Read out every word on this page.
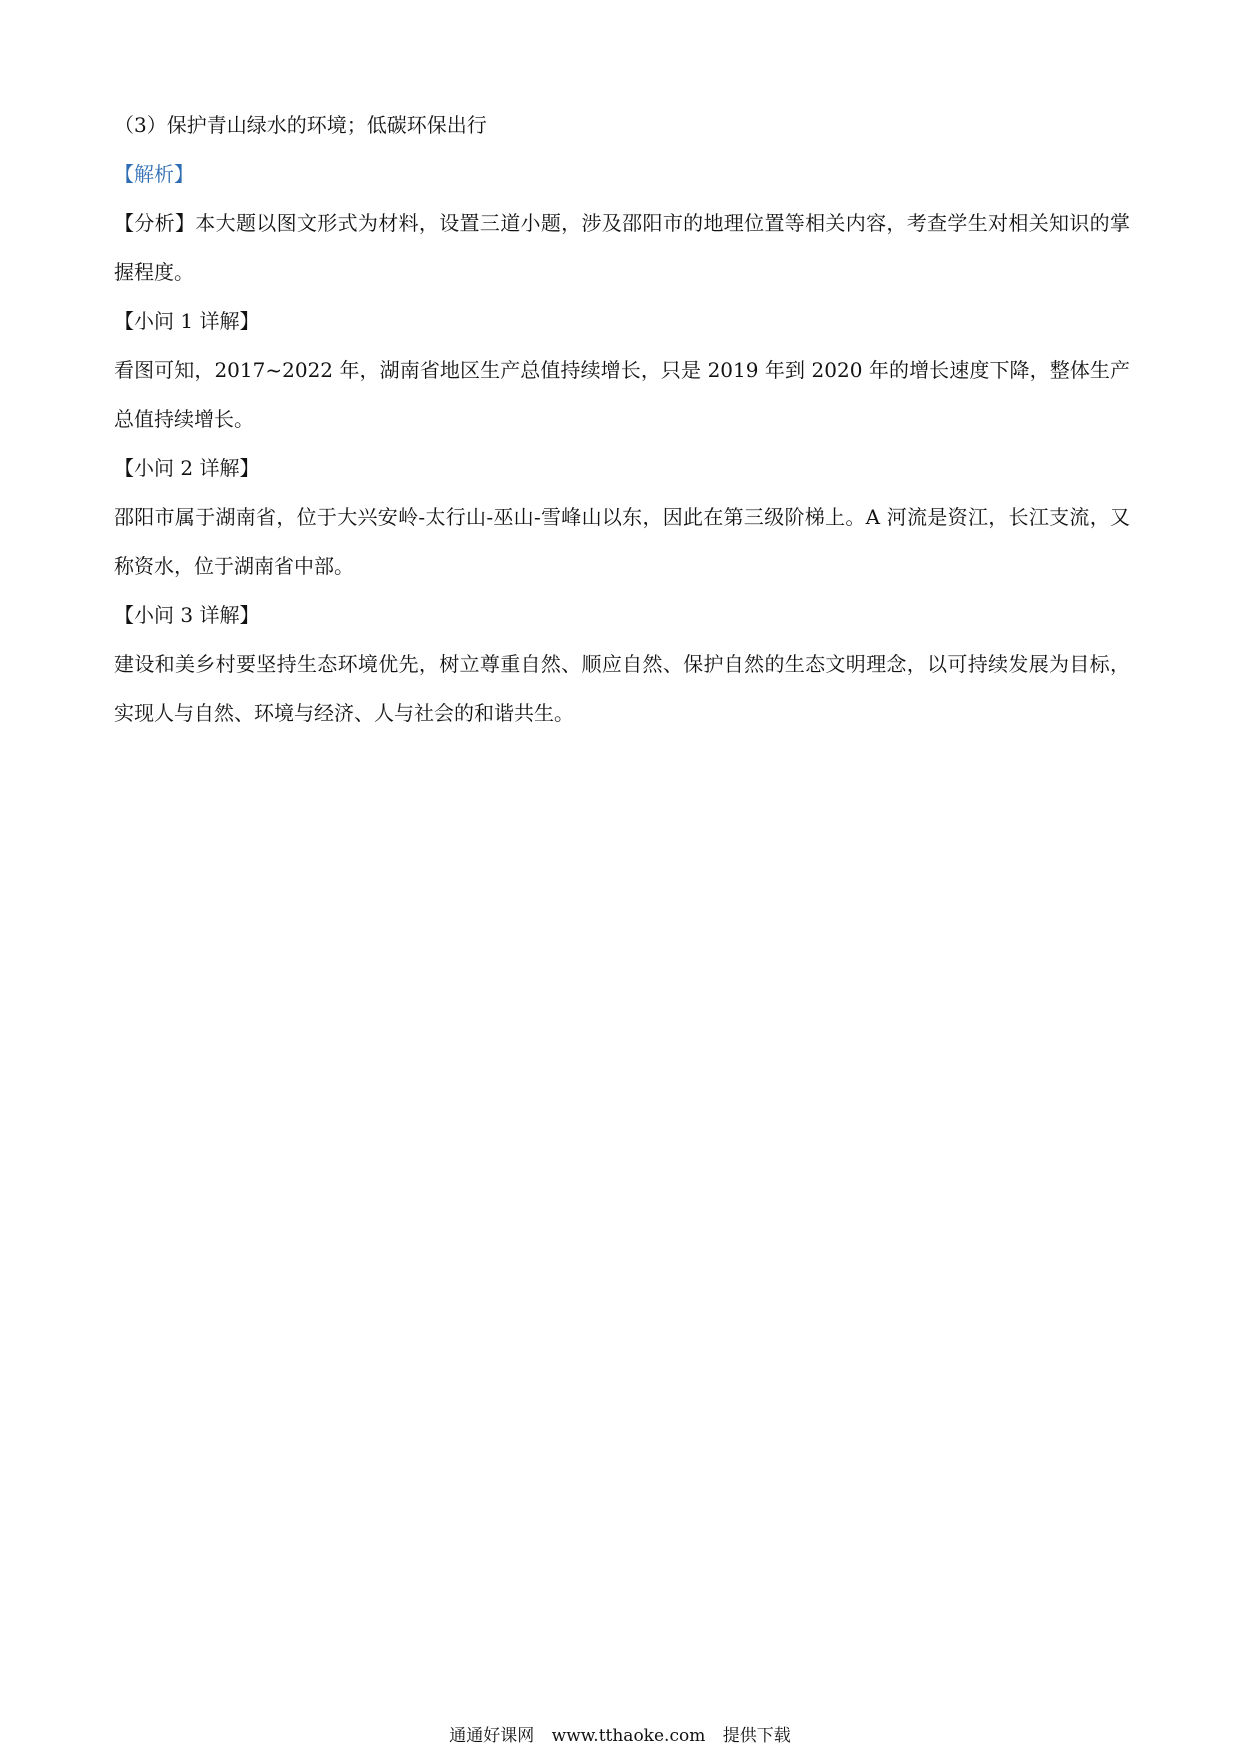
（3）保护青山绿水的环境；低碳环保出行

【解析】

【分析】本大题以图文形式为材料，设置三道小题，涉及邵阳市的地理位置等相关内容，考查学生对相关知识的掌握程度。

【小问 1 详解】

看图可知，2017~2022 年，湖南省地区生产总值持续增长，只是 2019 年到 2020 年的增长速度下降，整体生产总值持续增长。

【小问 2 详解】

邵阳市属于湖南省，位于大兴安岭-太行山-巫山-雪峰山以东，因此在第三级阶梯上。A 河流是资江，长江支流，又称资水，位于湖南省中部。

【小问 3 详解】

建设和美乡村要坚持生态环境优先，树立尊重自然、顺应自然、保护自然的生态文明理念，以可持续发展为目标，实现人与自然、环境与经济、人与社会的和谐共生。

通通好课网 www.tthaoke.com 提供下载
